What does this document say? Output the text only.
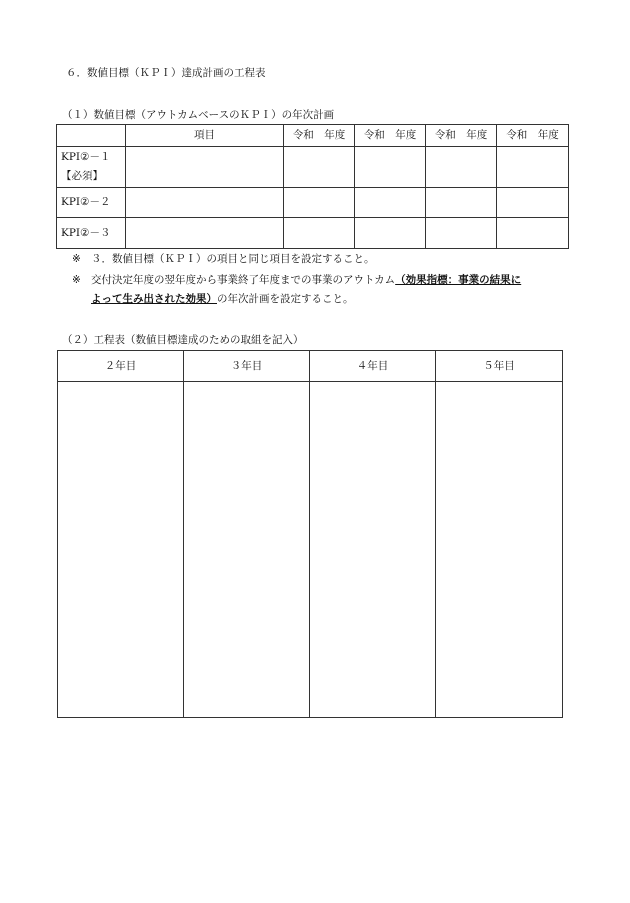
６．数値目標（ＫＰＩ）達成計画の工程表
（１）数値目標（アウトカムベースのＫＰＩ）の年次計画
	項目	令和　年度	令和　年度	令和　年度	令和　年度

KPI②－１
【必須】					

KPI②－２					

KPI②－３					

※ ３．数値目標（ＫＰＩ）の項目と同じ項目を設定すること。
※ 交付決定年度の翌年度から事業終了年度までの事業のアウトカム（効果指標：事業の結果に
よって生み出された効果）の年次計画を設定すること。
（２）工程表（数値目標達成のための取組を記入）
２年目	３年目	４年目	５年目
